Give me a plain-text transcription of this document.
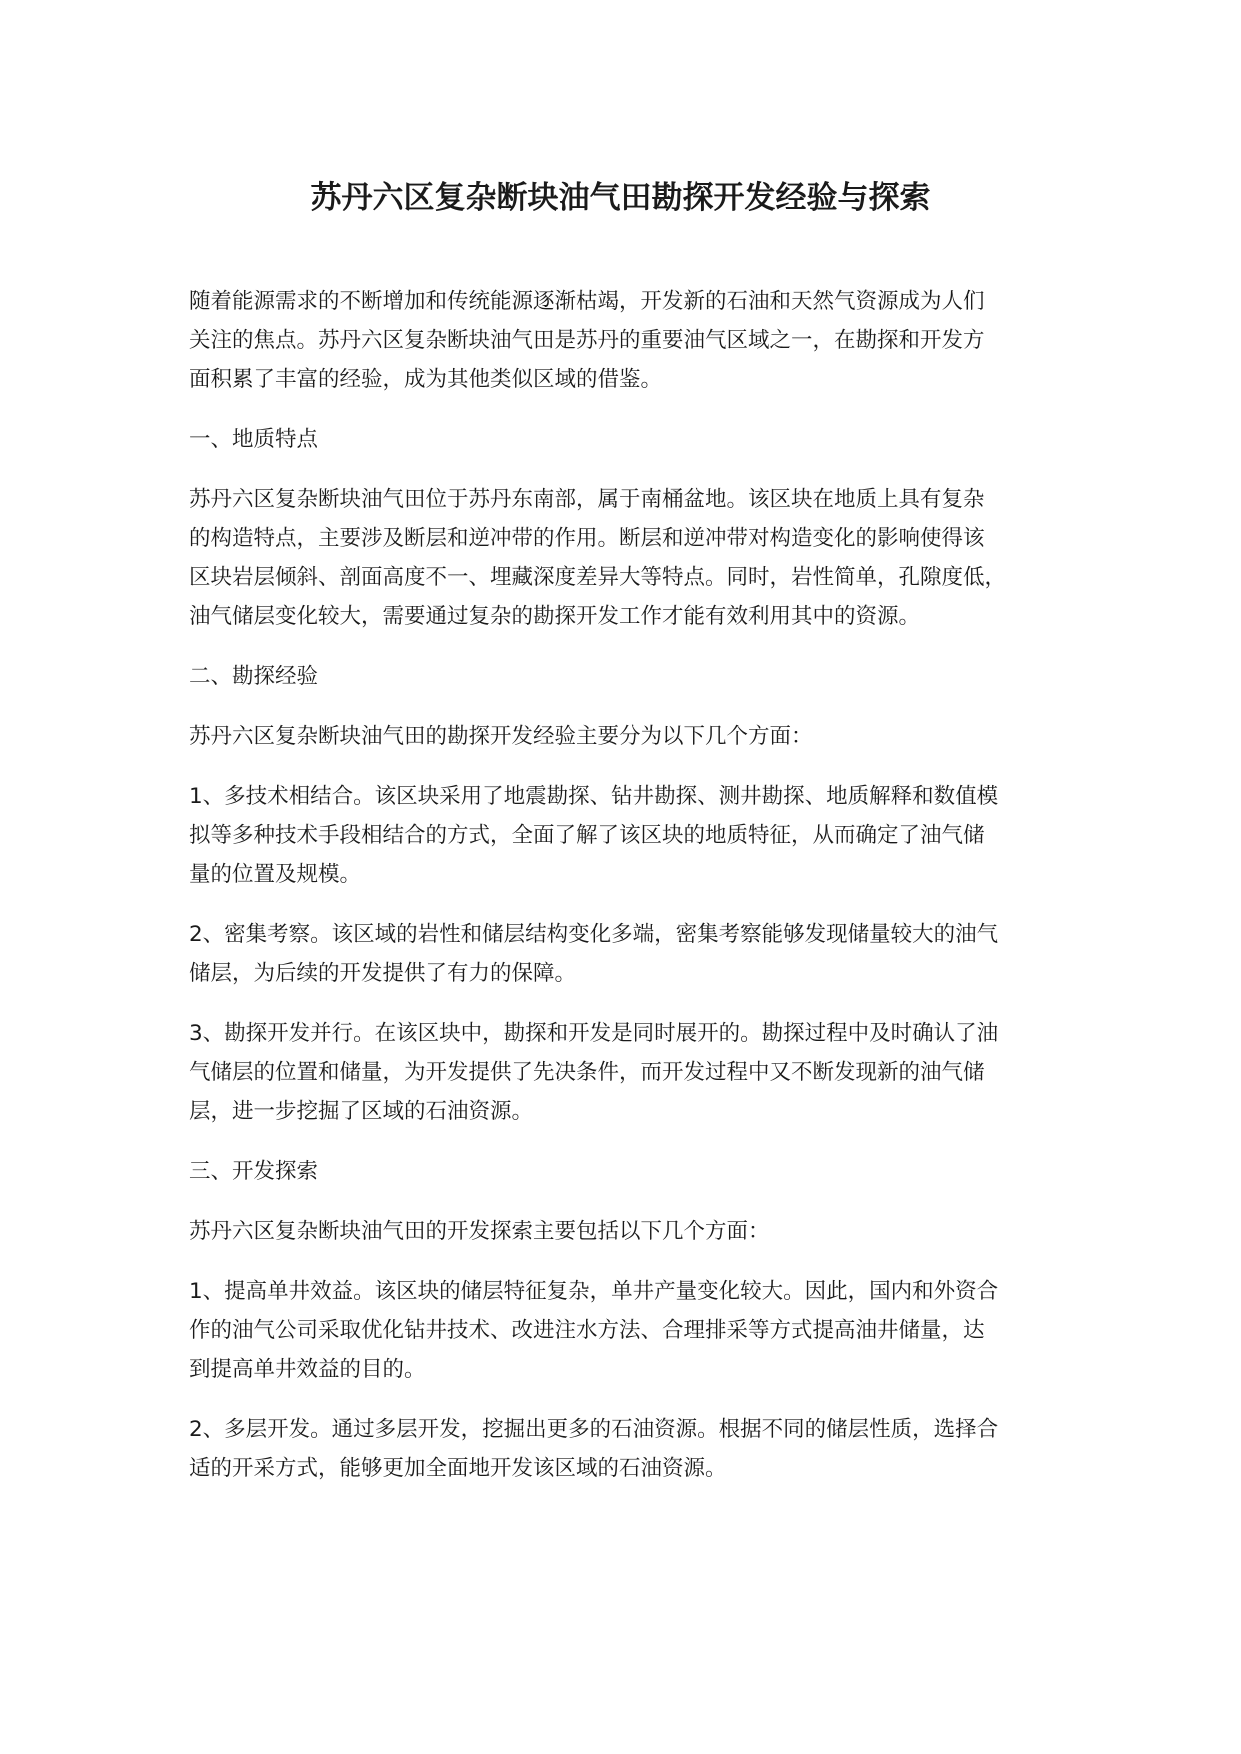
苏丹六区复杂断块油气田勘探开发经验与探索

随着能源需求的不断增加和传统能源逐渐枯竭，开发新的石油和天然气资源成为人们
关注的焦点。苏丹六区复杂断块油气田是苏丹的重要油气区域之一，在勘探和开发方
面积累了丰富的经验，成为其他类似区域的借鉴。

一、地质特点

苏丹六区复杂断块油气田位于苏丹东南部，属于南桶盆地。该区块在地质上具有复杂
的构造特点，主要涉及断层和逆冲带的作用。断层和逆冲带对构造变化的影响使得该
区块岩层倾斜、剖面高度不一、埋藏深度差异大等特点。同时，岩性简单，孔隙度低，
油气储层变化较大，需要通过复杂的勘探开发工作才能有效利用其中的资源。

二、勘探经验

苏丹六区复杂断块油气田的勘探开发经验主要分为以下几个方面：

1、多技术相结合。该区块采用了地震勘探、钻井勘探、测井勘探、地质解释和数值模
拟等多种技术手段相结合的方式，全面了解了该区块的地质特征，从而确定了油气储
量的位置及规模。

2、密集考察。该区域的岩性和储层结构变化多端，密集考察能够发现储量较大的油气
储层，为后续的开发提供了有力的保障。

3、勘探开发并行。在该区块中，勘探和开发是同时展开的。勘探过程中及时确认了油
气储层的位置和储量，为开发提供了先决条件，而开发过程中又不断发现新的油气储
层，进一步挖掘了区域的石油资源。

三、开发探索

苏丹六区复杂断块油气田的开发探索主要包括以下几个方面：

1、提高单井效益。该区块的储层特征复杂，单井产量变化较大。因此，国内和外资合
作的油气公司采取优化钻井技术、改进注水方法、合理排采等方式提高油井储量，达
到提高单井效益的目的。

2、多层开发。通过多层开发，挖掘出更多的石油资源。根据不同的储层性质，选择合
适的开采方式，能够更加全面地开发该区域的石油资源。
